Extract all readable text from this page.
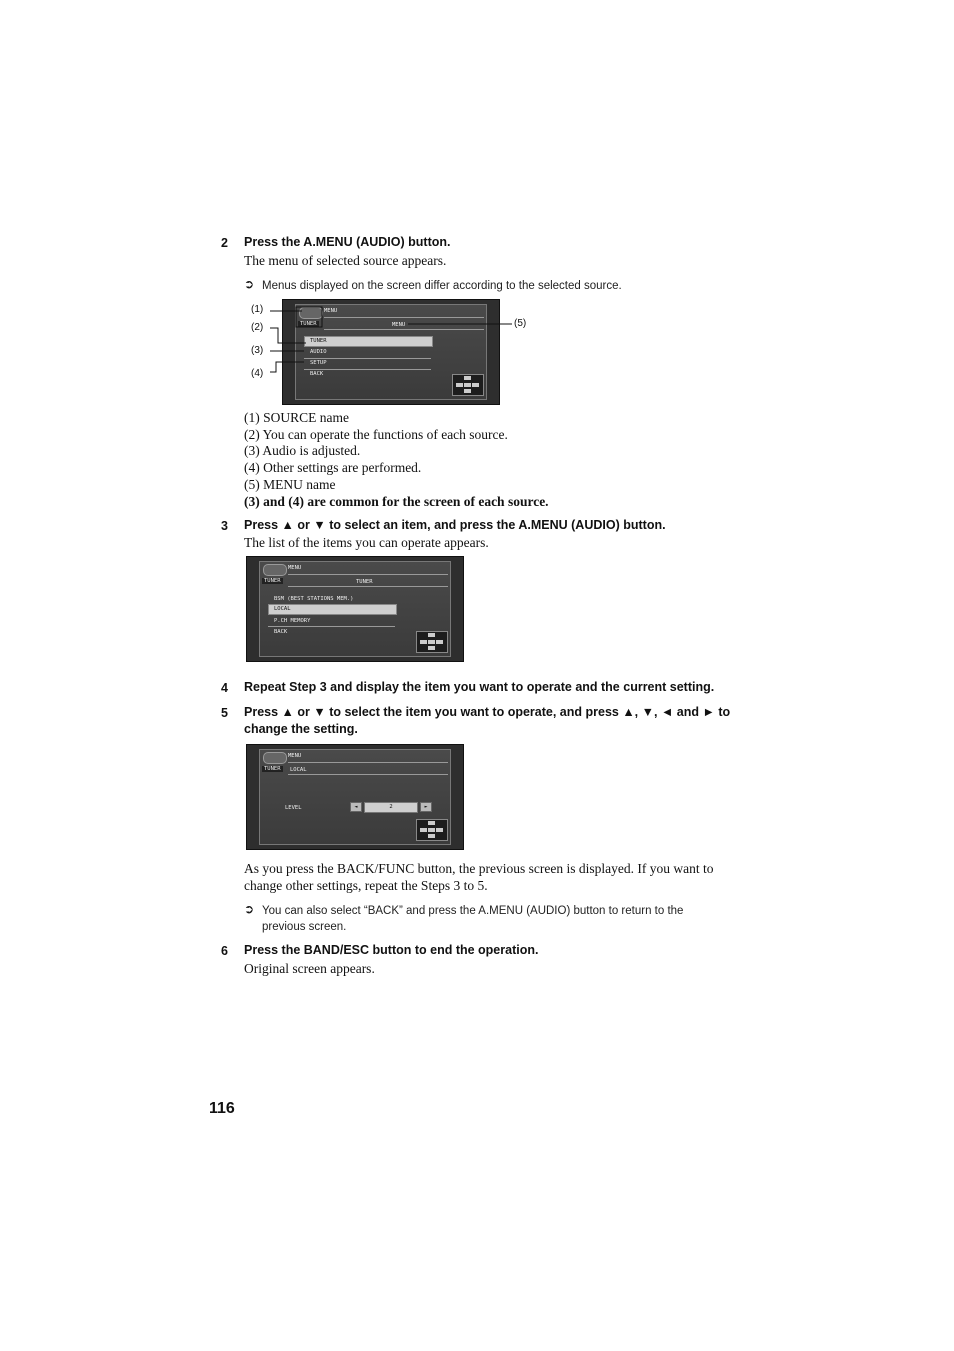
2 Press the A.MENU (AUDIO) button.
The menu of selected source appears.
➲ Menus displayed on the screen differ according to the selected source.
MENU
TUNER	MENU
TUNER
AUDIO
SETUP
BACK
(1)
(2)
(3)
(4)
(5)
(1) SOURCE name
(2) You can operate the functions of each source.
(3) Audio is adjusted.
(4) Other settings are performed.
(5) MENU name
(3) and (4) are common for the screen of each source.
3 Press ▲ or ▼ to select an item, and press the A.MENU (AUDIO) button.
The list of the items you can operate appears.
MENU
TUNER	TUNER
BSM (BEST STATIONS MEM.)
LOCAL
P.CH MEMORY
BACK
4 Repeat Step 3 and display the item you want to operate and the current setting.
5 Press ▲ or ▼ to select the item you want to operate, and press ▲, ▼, ◄ and ► to
change the setting.
MENU
TUNER	LOCAL
LEVEL	◄	2	►
As you press the BACK/FUNC button, the previous screen is displayed. If you want to
change other settings, repeat the Steps 3 to 5.
➲ You can also select “BACK” and press the A.MENU (AUDIO) button to return to the
previous screen.
6 Press the BAND/ESC button to end the operation.
Original screen appears.
116
